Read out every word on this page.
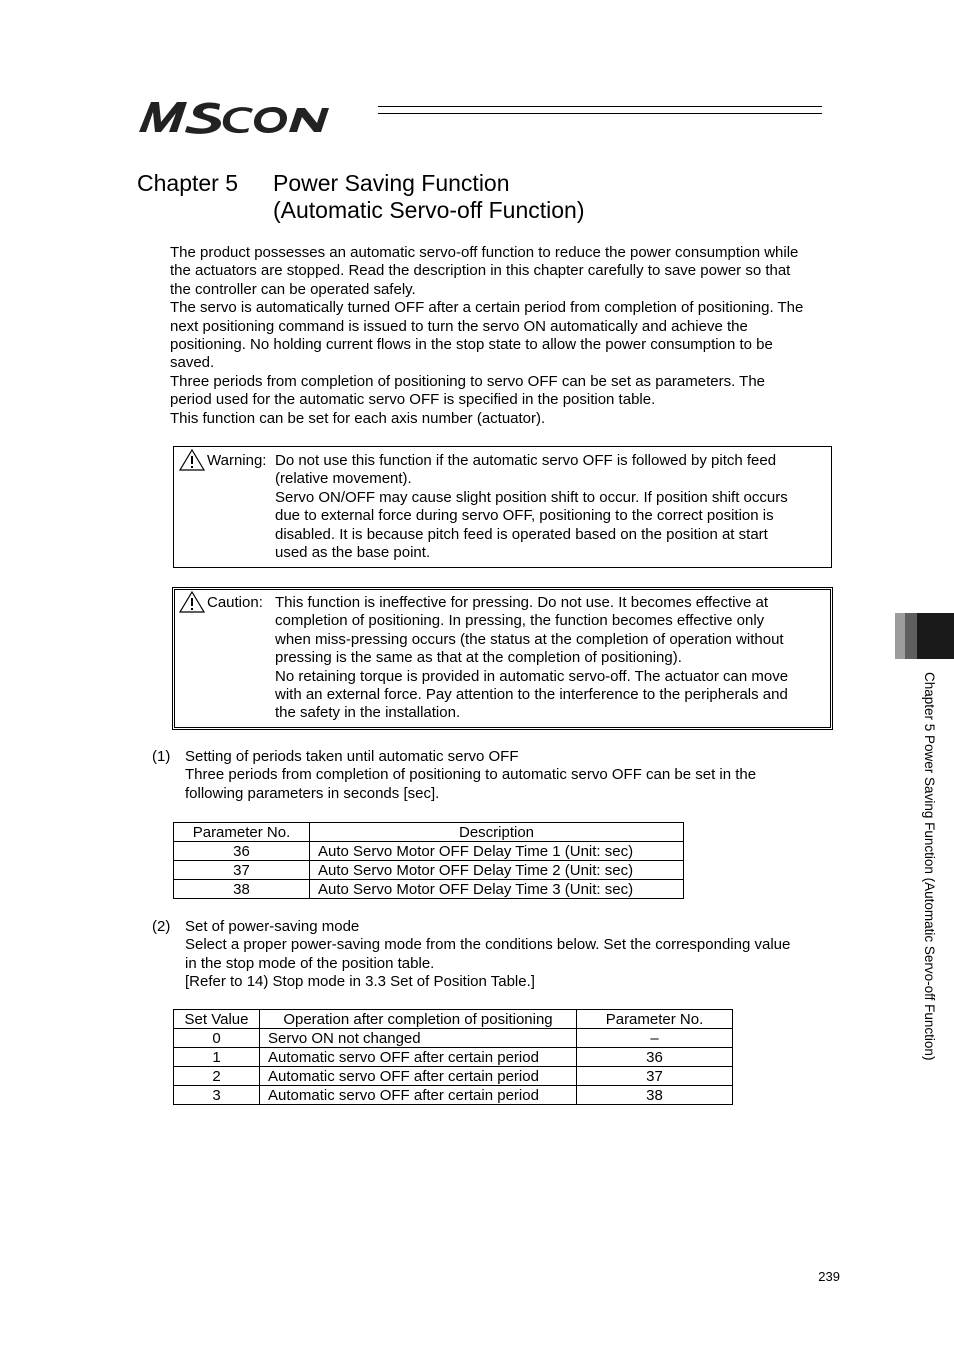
Chapter 5 Power Saving Function
(Automatic Servo-off Function)
The product possesses an automatic servo-off function to reduce the power consumption while
the actuators are stopped. Read the description in this chapter carefully to save power so that
the controller can be operated safely.
The servo is automatically turned OFF after a certain period from completion of positioning. The
next positioning command is issued to turn the servo ON automatically and achieve the
positioning. No holding current flows in the stop state to allow the power consumption to be
saved.
Three periods from completion of positioning to servo OFF can be set as parameters. The
period used for the automatic servo OFF is specified in the position table.
This function can be set for each axis number (actuator).
Warning: Do not use this function if the automatic servo OFF is followed by pitch feed
(relative movement).
Servo ON/OFF may cause slight position shift to occur. If position shift occurs
due to external force during servo OFF, positioning to the correct position is
disabled. It is because pitch feed is operated based on the position at start
used as the base point.
Caution: This function is ineffective for pressing. Do not use. It becomes effective at
completion of positioning. In pressing, the function becomes effective only
when miss-pressing occurs (the status at the completion of operation without
pressing is the same as that at the completion of positioning).
No retaining torque is provided in automatic servo-off. The actuator can move
with an external force. Pay attention to the interference to the peripherals and
the safety in the installation.
(1) Setting of periods taken until automatic servo OFF
Three periods from completion of positioning to automatic servo OFF can be set in the
following parameters in seconds [sec].
Parameter No.	Description
36	Auto Servo Motor OFF Delay Time 1 (Unit: sec)
37	Auto Servo Motor OFF Delay Time 2 (Unit: sec)
38	Auto Servo Motor OFF Delay Time 3 (Unit: sec)
(2) Set of power-saving mode
Select a proper power-saving mode from the conditions below. Set the corresponding value
in the stop mode of the position table.
[Refer to 14) Stop mode in 3.3 Set of Position Table.]
Set Value	Operation after completion of positioning	Parameter No.
0	Servo ON not changed	–
1	Automatic servo OFF after certain period	36
2	Automatic servo OFF after certain period	37
3	Automatic servo OFF after certain period	38
Chapter 5 Power Saving Function (Automatic Servo-off Function)
239
